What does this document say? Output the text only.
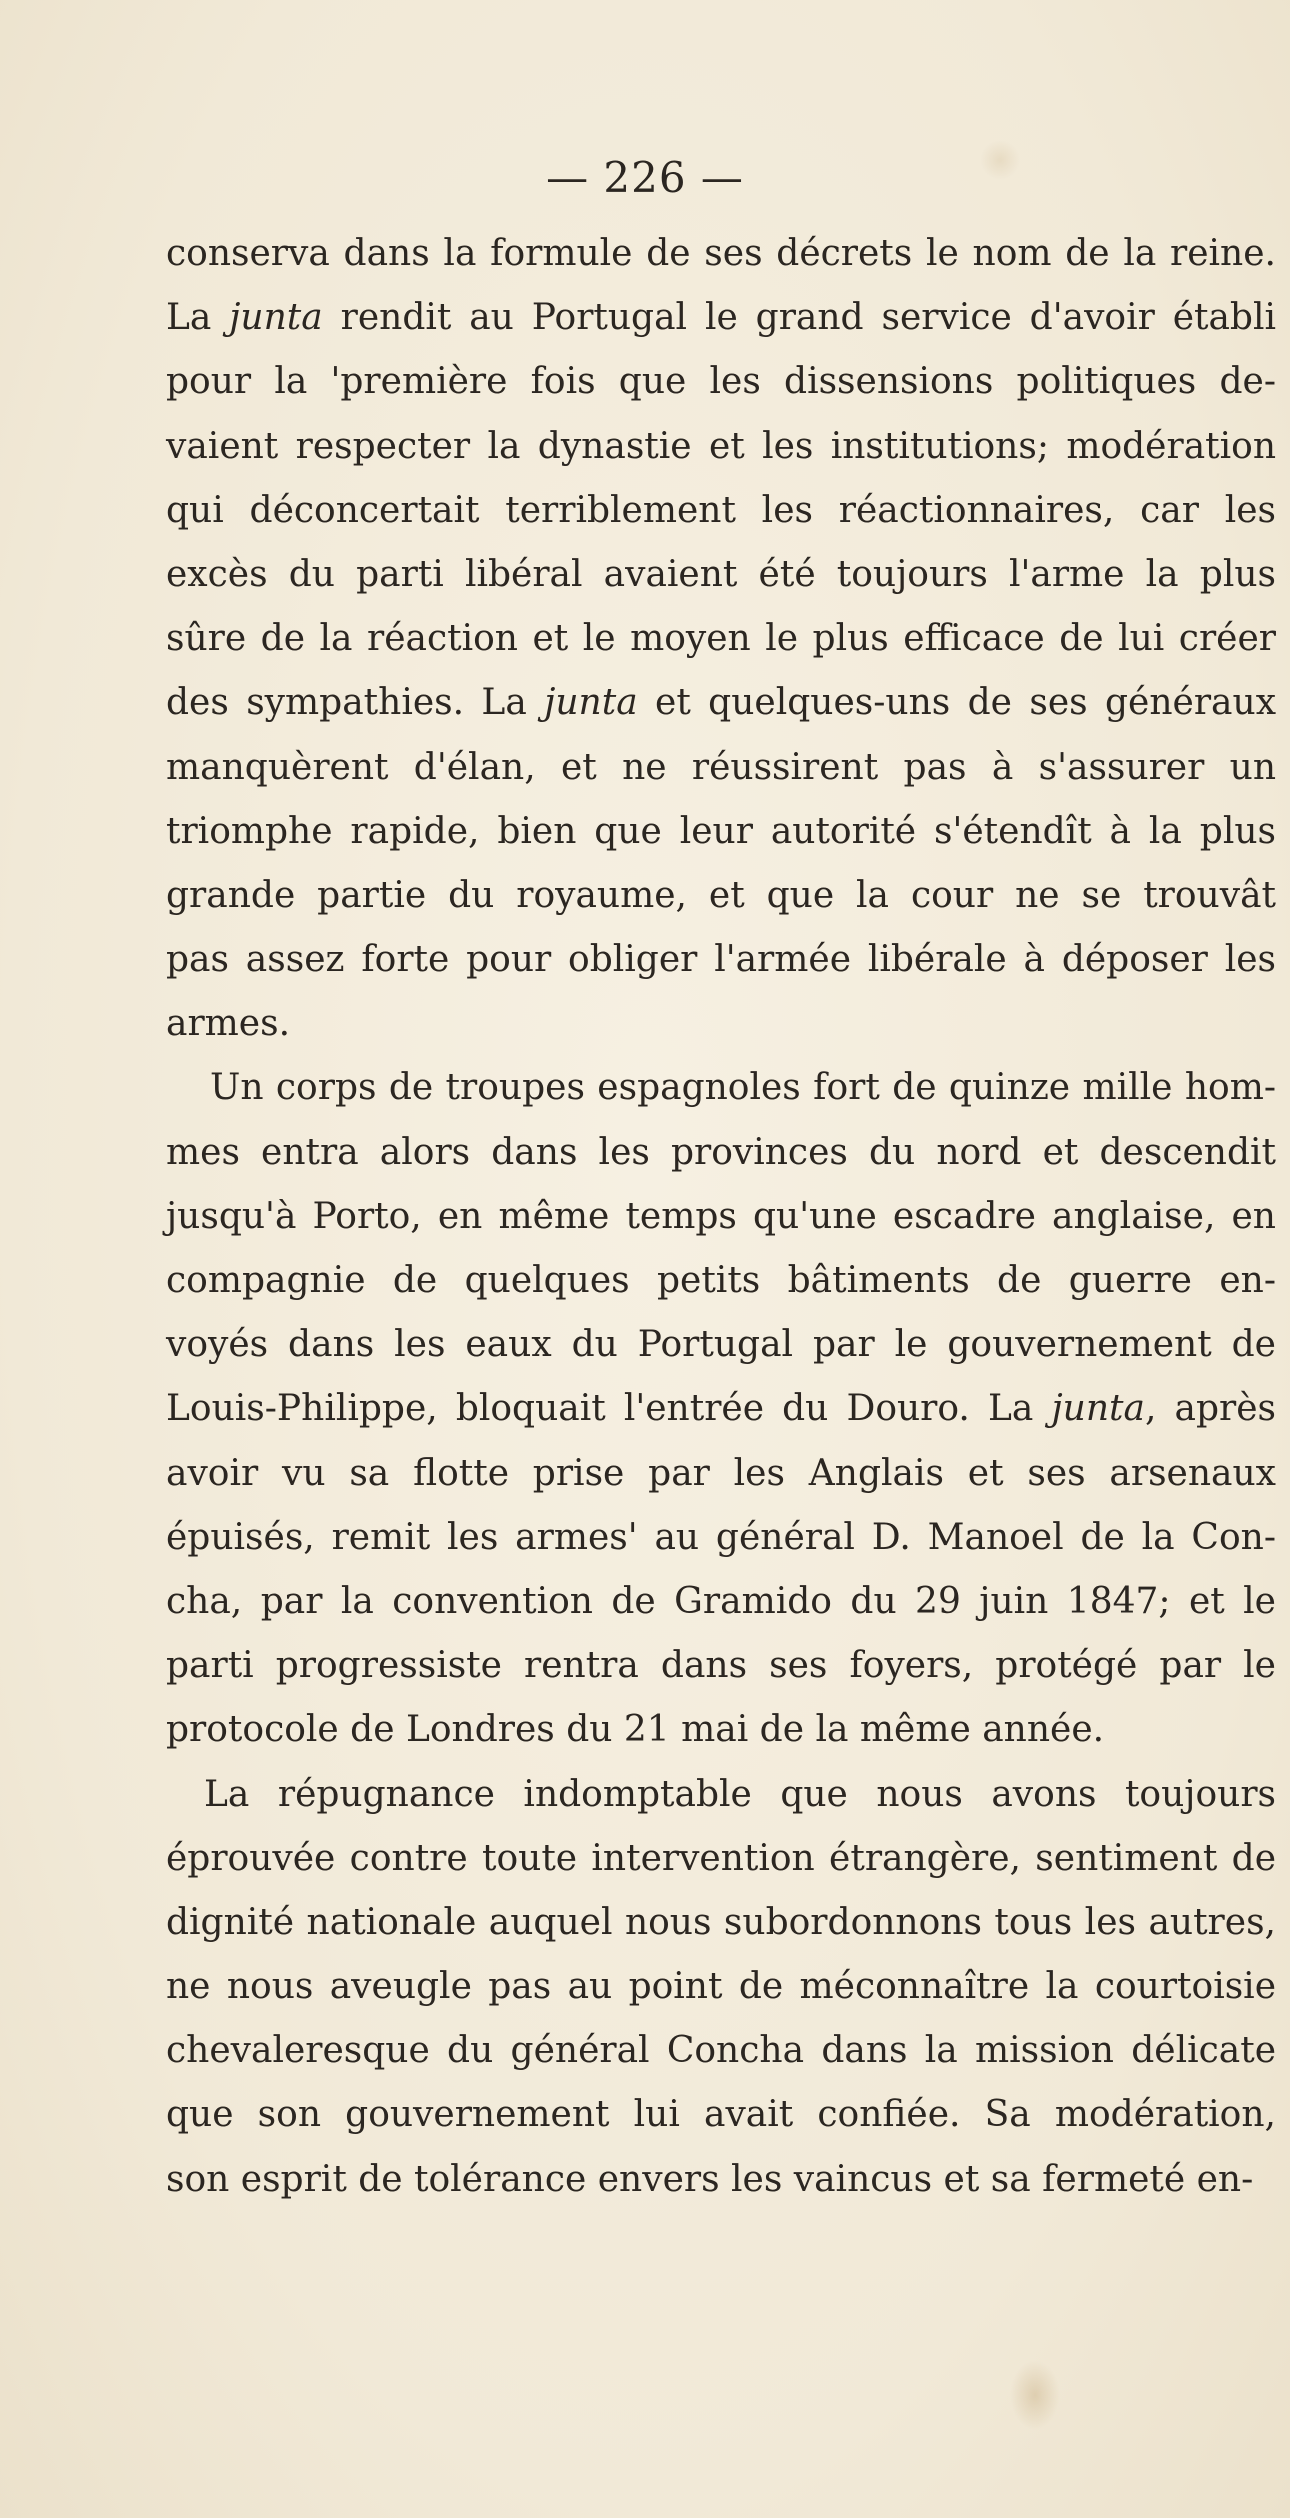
— 226 —
conserva dans la formule de ses décrets le nom de la reine.
La junta rendit au Portugal le grand service d'avoir établi
pour la 'première fois que les dissensions politiques de-
vaient respecter la dynastie et les institutions; modération
qui déconcertait terriblement les réactionnaires, car les
excès du parti libéral avaient été toujours l'arme la plus
sûre de la réaction et le moyen le plus efficace de lui créer
des sympathies. La junta et quelques-uns de ses généraux
manquèrent d'élan, et ne réussirent pas à s'assurer un
triomphe rapide, bien que leur autorité s'étendît à la plus
grande partie du royaume, et que la cour ne se trouvât
pas assez forte pour obliger l'armée libérale à déposer les
armes.
Un corps de troupes espagnoles fort de quinze mille hom-
mes entra alors dans les provinces du nord et descendit
jusqu'à Porto, en même temps qu'une escadre anglaise, en
compagnie de quelques petits bâtiments de guerre en-
voyés dans les eaux du Portugal par le gouvernement de
Louis-Philippe, bloquait l'entrée du Douro. La junta, après
avoir vu sa flotte prise par les Anglais et ses arsenaux
épuisés, remit les armes' au général D. Manoel de la Con-
cha, par la convention de Gramido du 29 juin 1847; et le
parti progressiste rentra dans ses foyers, protégé par le
protocole de Londres du 21 mai de la même année.
La répugnance indomptable que nous avons toujours
éprouvée contre toute intervention étrangère, sentiment de
dignité nationale auquel nous subordonnons tous les autres,
ne nous aveugle pas au point de méconnaître la courtoisie
chevaleresque du général Concha dans la mission délicate
que son gouvernement lui avait confiée. Sa modération,
son esprit de tolérance envers les vaincus et sa fermeté en-
